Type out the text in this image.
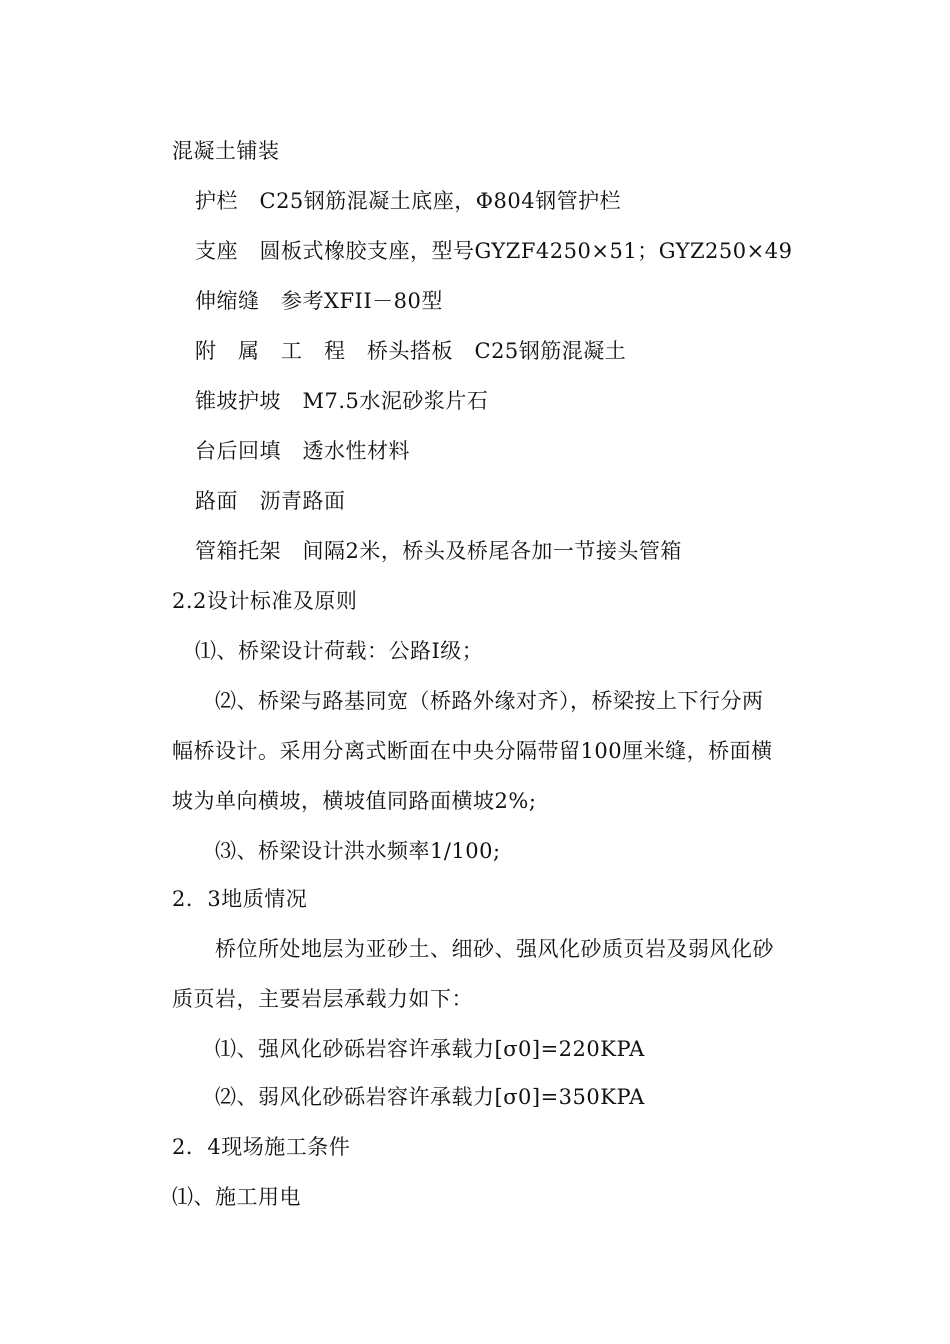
混凝土铺装
护栏　C25钢筋混凝土底座，Φ804钢管护栏
支座　圆板式橡胶支座，型号GYZF4250×51；GYZ250×49
伸缩缝　参考XFII－80型
附　属　工　程　桥头搭板　C25钢筋混凝土
锥坡护坡　M7.5水泥砂浆片石
台后回填　透水性材料
路面　沥青路面
管箱托架　间隔2米，桥头及桥尾各加一节接头管箱
2.2设计标准及原则
⑴、桥梁设计荷载：公路Ⅰ级；
⑵、桥梁与路基同宽（桥路外缘对齐），桥梁按上下行分两
幅桥设计。采用分离式断面在中央分隔带留100厘米缝，桥面横
坡为单向横坡，横坡值同路面横坡2%;
⑶、桥梁设计洪水频率1/100;
2．3地质情况
桥位所处地层为亚砂土、细砂、强风化砂质页岩及弱风化砂
质页岩，主要岩层承载力如下：
⑴、强风化砂砾岩容许承载力[σ0]=220KPA
⑵、弱风化砂砾岩容许承载力[σ0]=350KPA
2．4现场施工条件
⑴、施工用电
